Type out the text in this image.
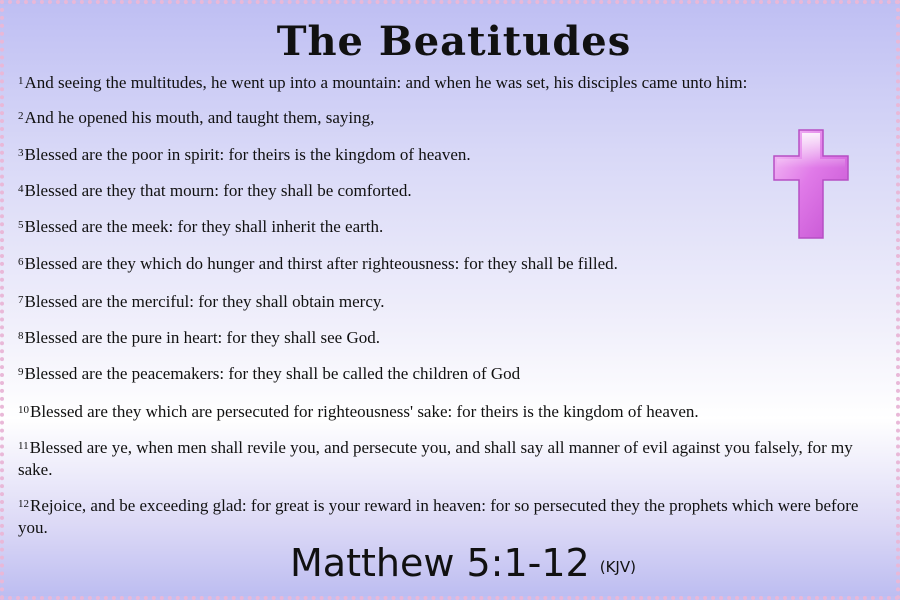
The Beatitudes
$^1$And seeing the multitudes, he went up into a mountain: and when he was set, his disciples came unto him:
$^2$And he opened his mouth, and taught them, saying,
$^3$Blessed are the poor in spirit: for theirs is the kingdom of heaven.
$^4$Blessed are they that mourn: for they shall be comforted.
$^5$Blessed are the meek: for they shall inherit the earth.
$^6$Blessed are they which do hunger and thirst after righteousness: for they shall be filled.
$^7$Blessed are the merciful: for they shall obtain mercy.
$^8$Blessed are the pure in heart: for they shall see God.
$^9$Blessed are the peacemakers: for they shall be called the children of God
$^{10}$Blessed are they which are persecuted for righteousness' sake: for theirs is the kingdom of heaven.
$^{11}$Blessed are ye, when men shall revile you, and persecute you, and shall say all manner of evil against you falsely, for my sake.
$^{12}$Rejoice, and be exceeding glad: for great is your reward in heaven: for so persecuted they the prophets which were before you.
Matthew 5:1-12 (KJV)
